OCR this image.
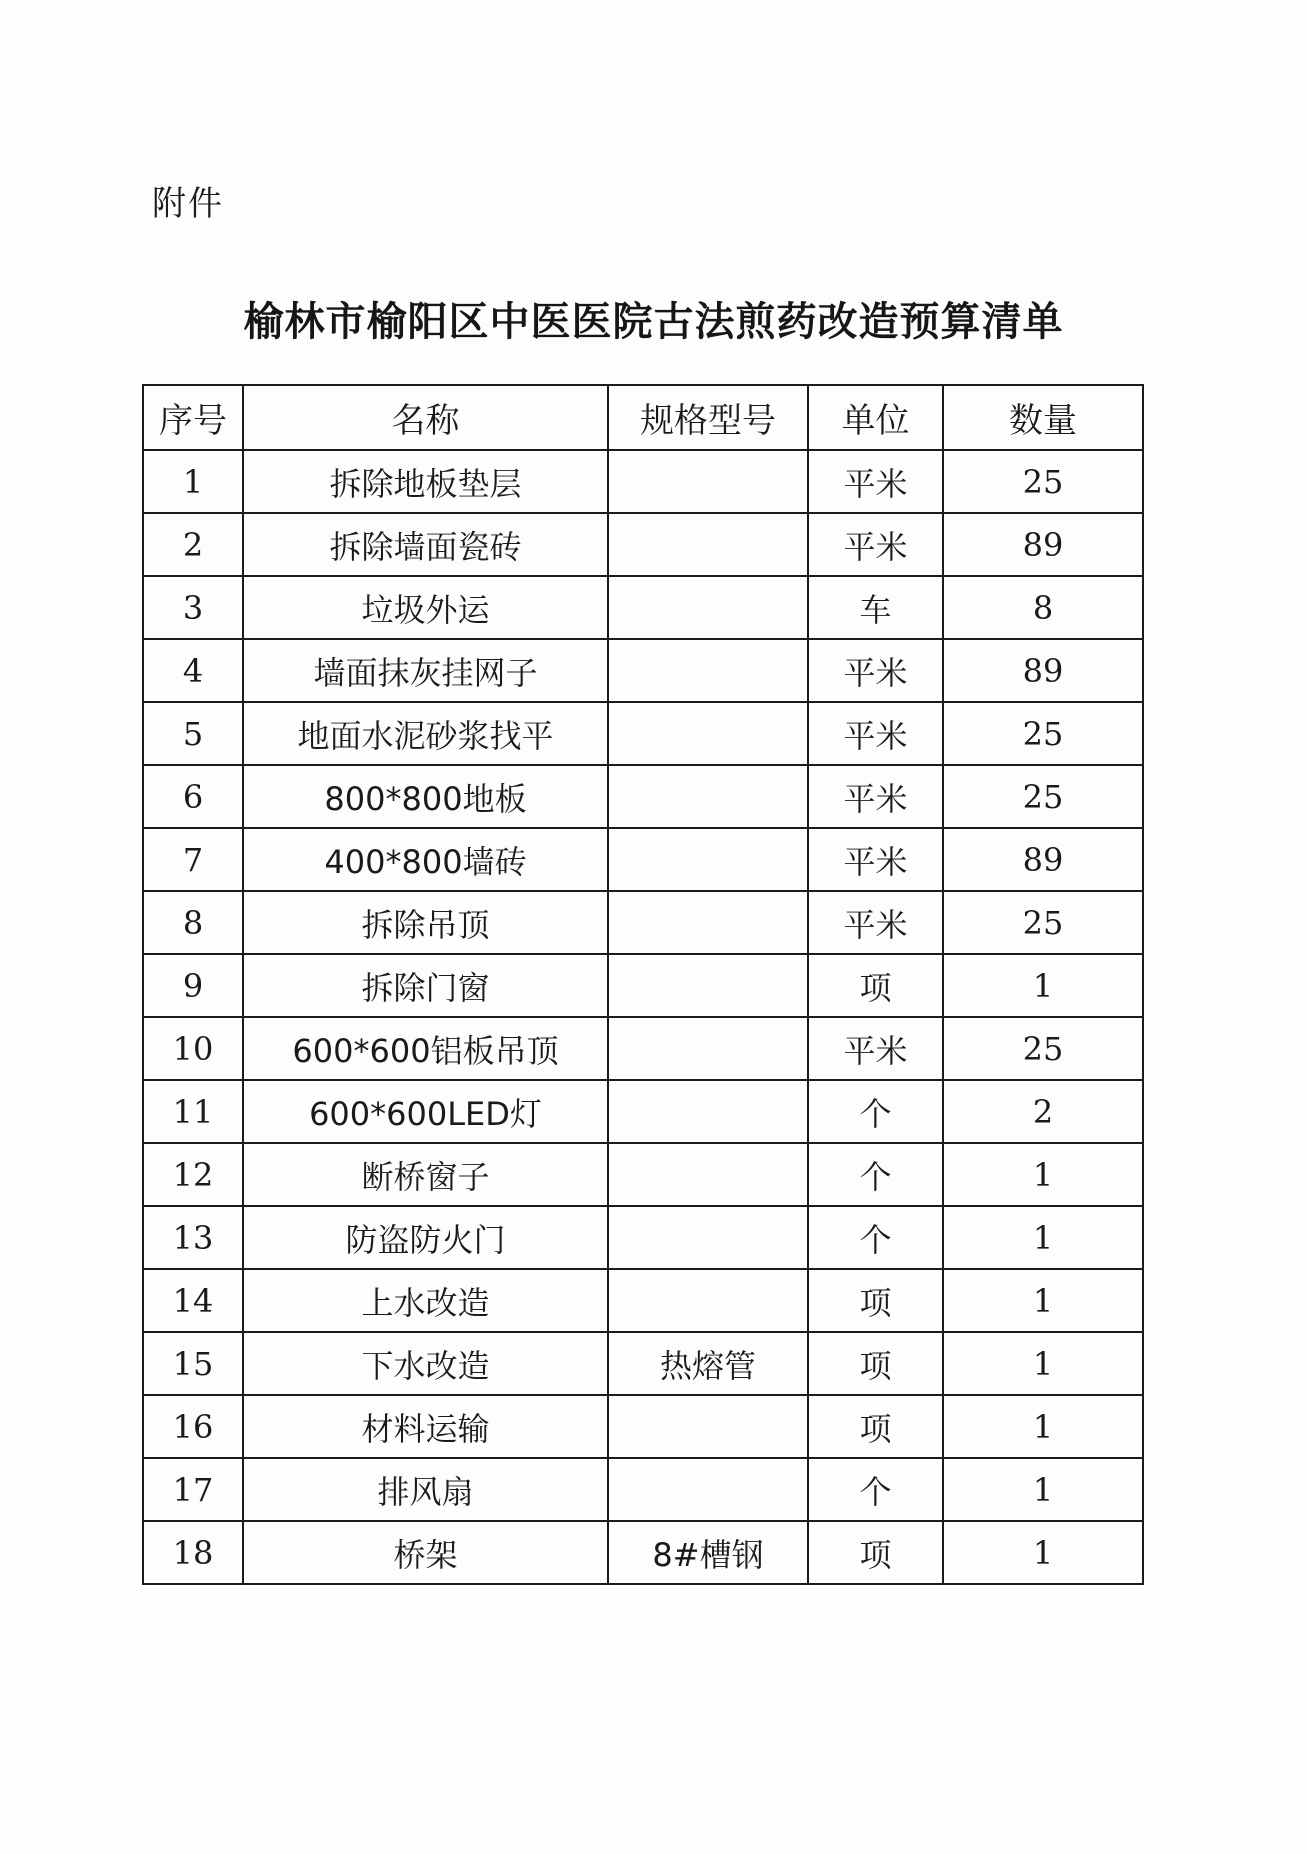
附件
榆林市榆阳区中医医院古法煎药改造预算清单
序号	名称	规格型号	单位	数量
1	拆除地板垫层		平米	25
2	拆除墙面瓷砖		平米	89
3	垃圾外运		车	8
4	墙面抹灰挂网子		平米	89
5	地面水泥砂浆找平		平米	25
6	800*800地板		平米	25
7	400*800墙砖		平米	89
8	拆除吊顶		平米	25
9	拆除门窗		项	1
10	600*600铝板吊顶		平米	25
11	600*600LED灯		个	2
12	断桥窗子		个	1
13	防盗防火门		个	1
14	上水改造		项	1
15	下水改造	热熔管	项	1
16	材料运输		项	1
17	排风扇		个	1
18	桥架	8#槽钢	项	1
